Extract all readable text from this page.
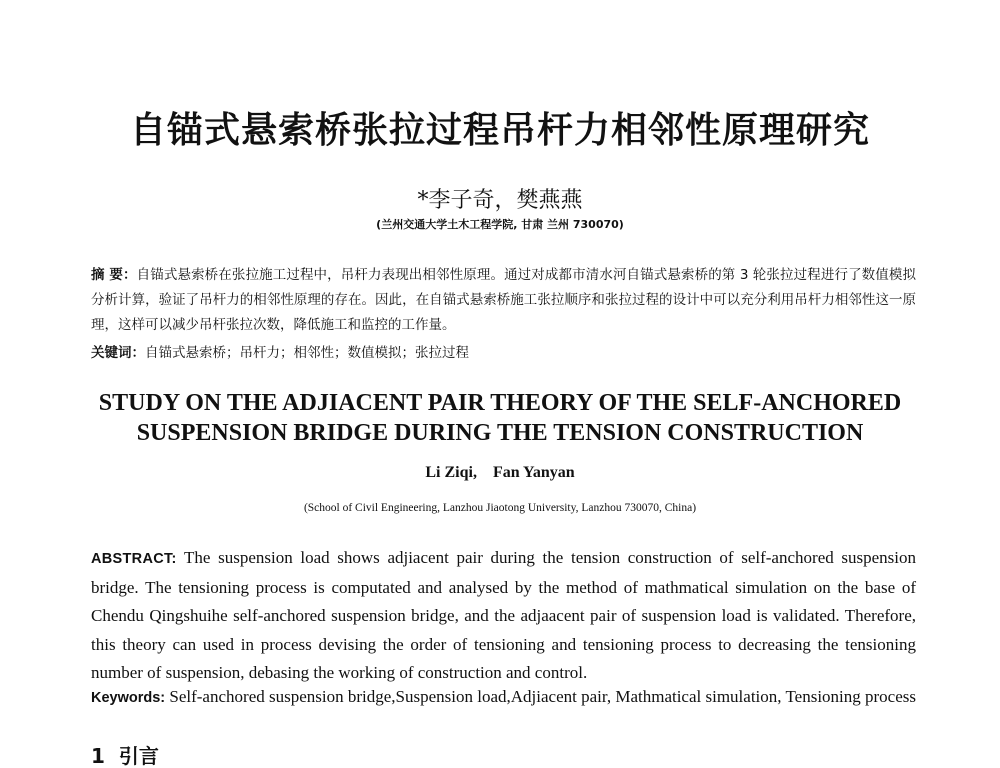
自锚式悬索桥张拉过程吊杆力相邻性原理研究
*李子奇，樊燕燕
(兰州交通大学土木工程学院, 甘肃 兰州 730070)
摘 要：自锚式悬索桥在张拉施工过程中，吊杆力表现出相邻性原理。通过对成都市清水河自锚式悬索桥的第 3 轮张拉过程进行了数值模拟分析计算，验证了吊杆力的相邻性原理的存在。因此，在自锚式悬索桥施工张拉顺序和张拉过程的设计中可以充分利用吊杆力相邻性这一原理，这样可以减少吊杆张拉次数，降低施工和监控的工作量。
关键词：自锚式悬索桥；吊杆力；相邻性；数值模拟；张拉过程
STUDY ON THE ADJIACENT PAIR THEORY OF THE SELF-ANCHORED
SUSPENSION BRIDGE DURING THE TENSION CONSTRUCTION
Li Ziqi,    Fan Yanyan
(School of Civil Engineering, Lanzhou Jiaotong University, Lanzhou 730070, China)
ABSTRACT: The suspension load shows adjiacent pair during the tension construction of self-anchored suspension bridge. The tensioning process is computated and analysed by the method of mathmatical simulation on the base of Chendu Qingshuihe self-anchored suspension bridge, and the adjaacent pair of suspension load is validated. Therefore, this theory can used in process devising the order of tensioning and tensioning process to decreasing the tensioning number of suspension, debasing the working of construction and control.
Keywords: Self-anchored suspension bridge,Suspension load,Adjiacent pair, Mathmatical simulation, Tensioning process
1  引言
